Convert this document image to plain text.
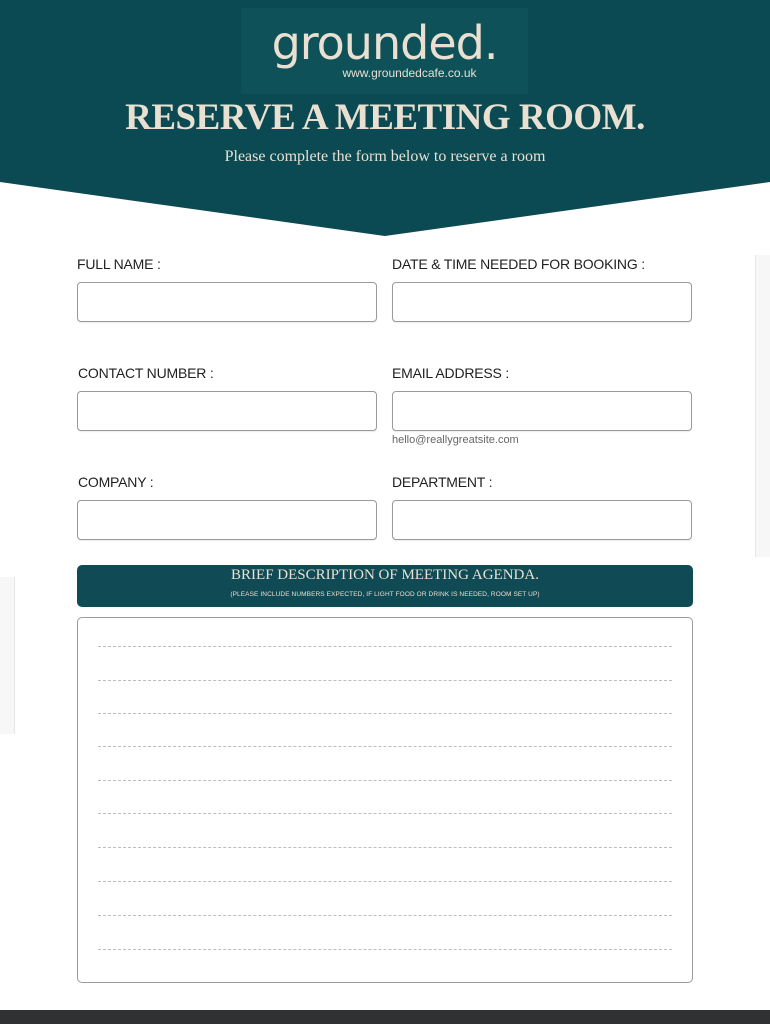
grounded.
www.groundedcafe.co.uk
RESERVE A MEETING ROOM.
Please complete the form below to reserve a room
FULL NAME :	DATE & TIME NEEDED FOR BOOKING :
CONTACT NUMBER :	EMAIL ADDRESS :
hello@reallygreatsite.com
COMPANY :	DEPARTMENT :
BRIEF DESCRIPTION OF MEETING AGENDA.
(PLEASE INCLUDE NUMBERS EXPECTED, IF LIGHT FOOD OR DRINK IS NEEDED, ROOM SET UP)
